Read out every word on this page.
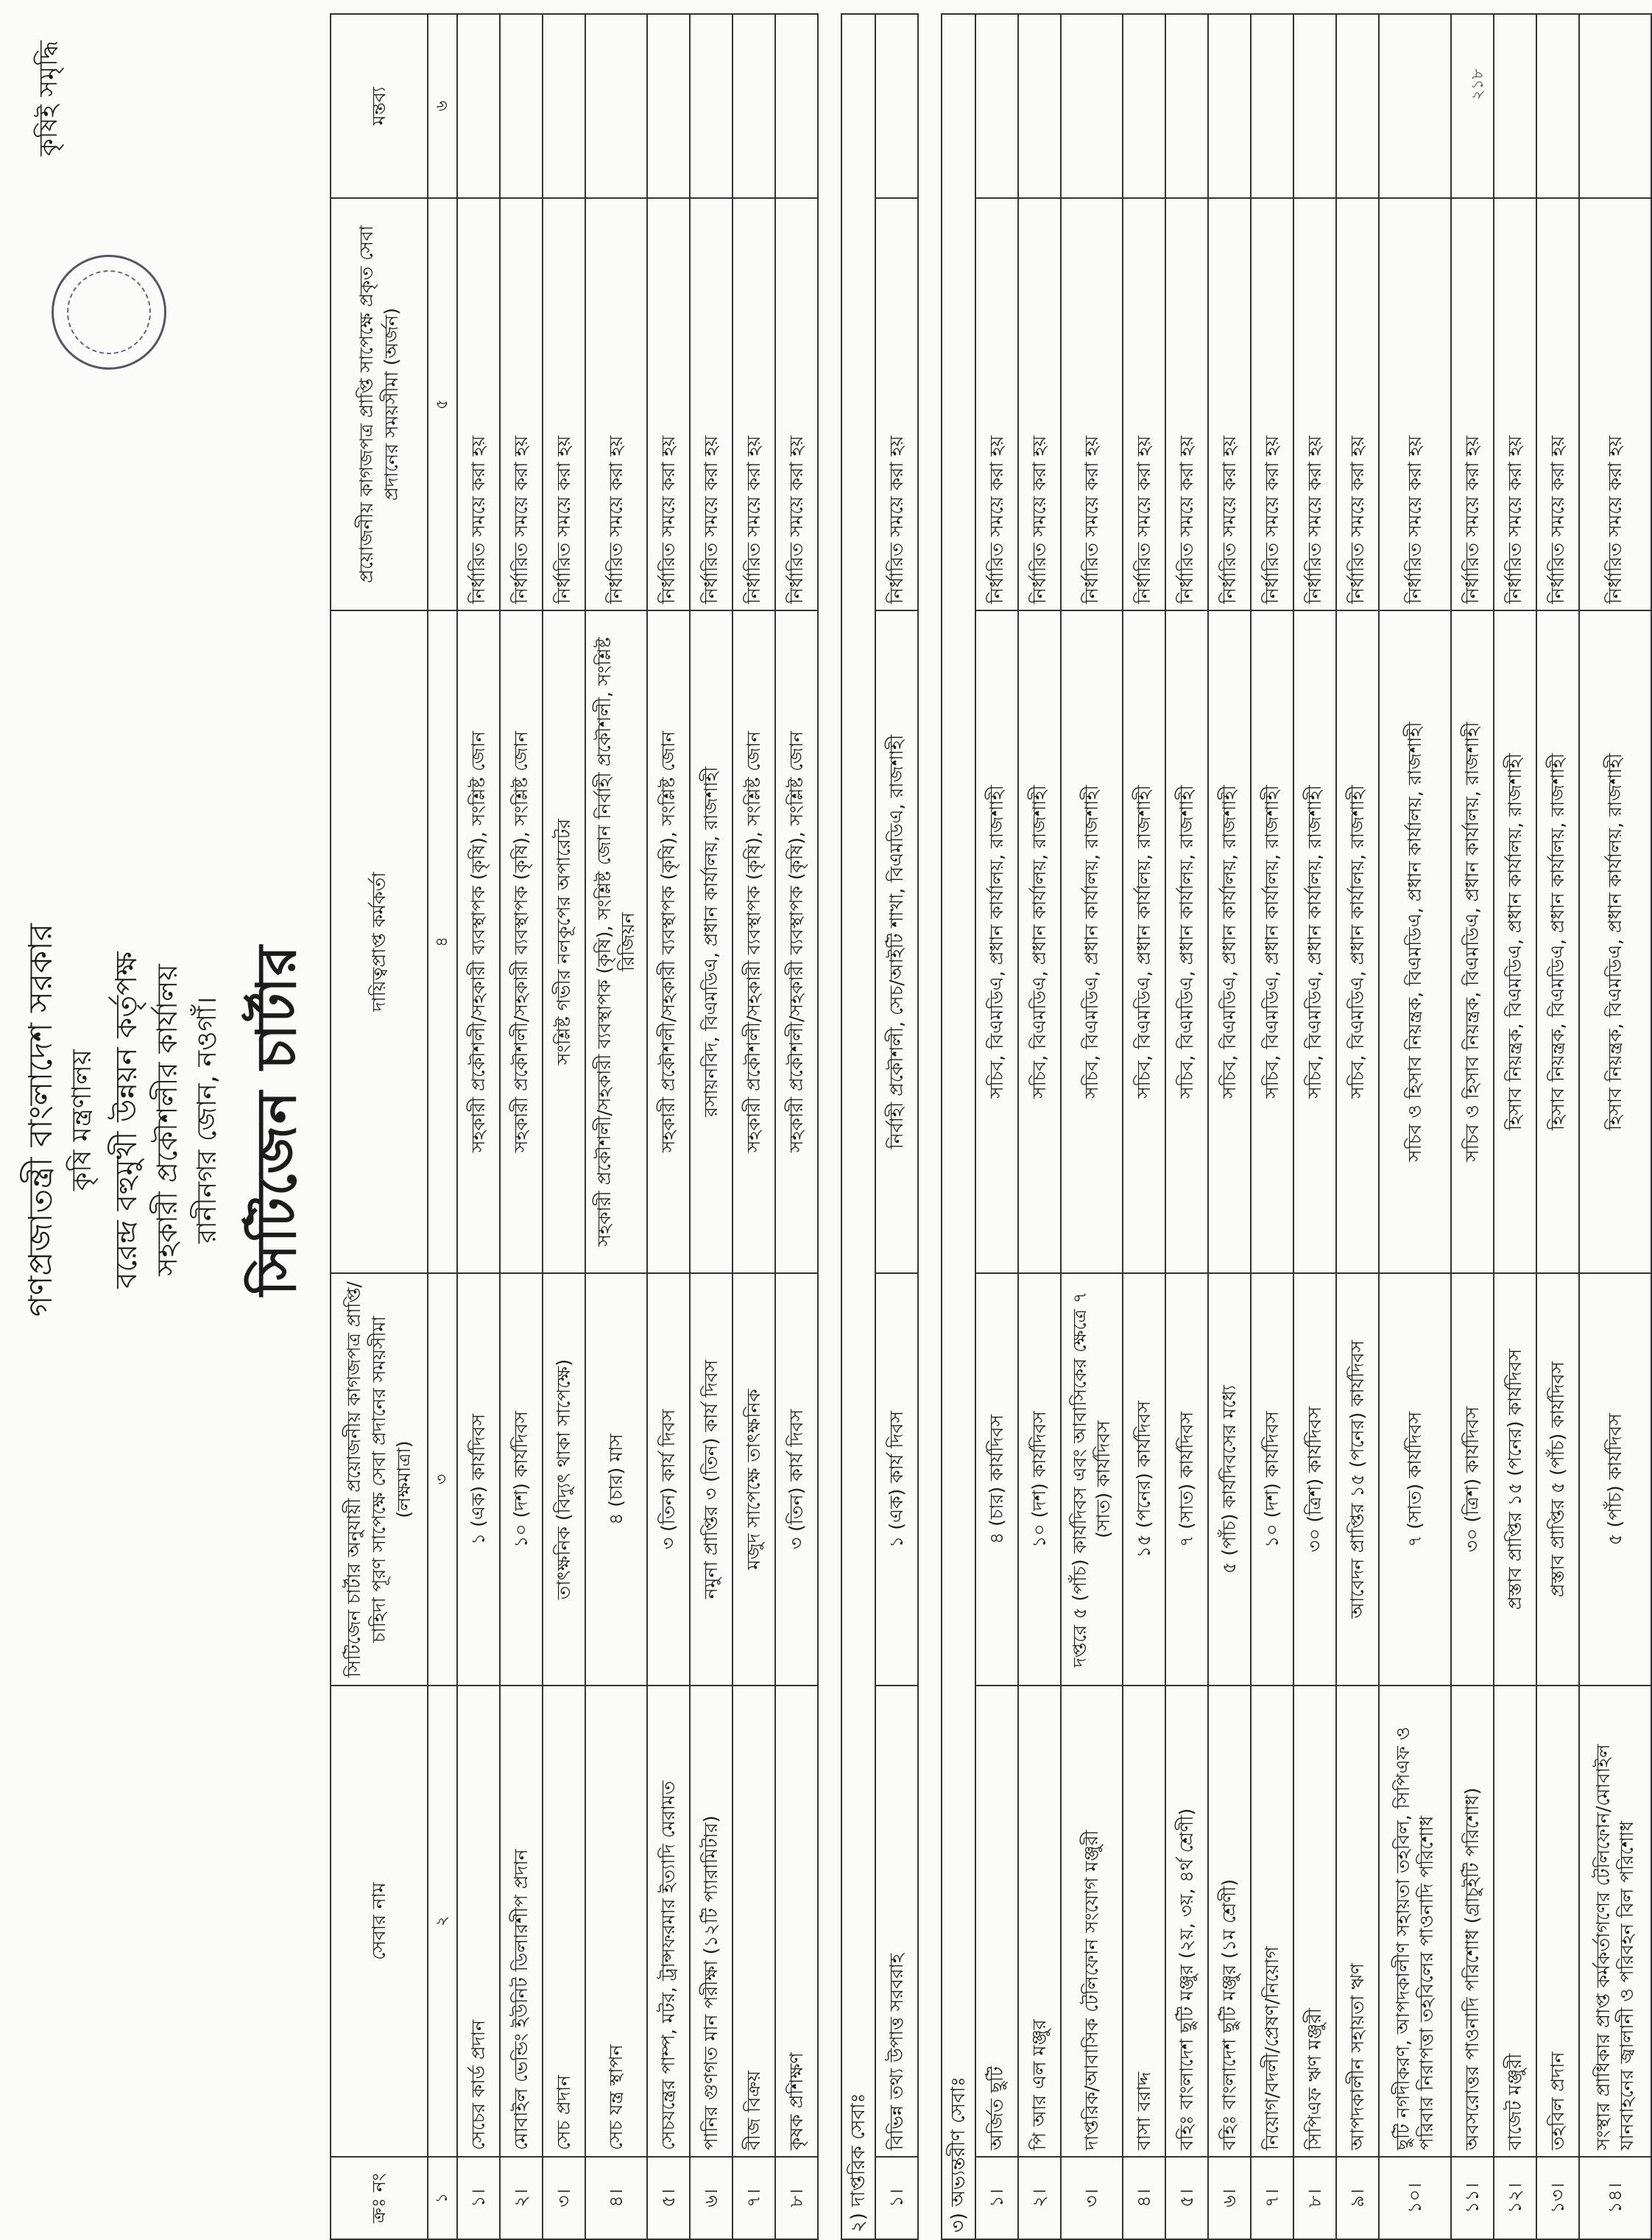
কৃষিই সমৃদ্ধি
গণপ্রজাতন্ত্রী বাংলাদেশ সরকার কৃষি মন্ত্রণালয় বরেন্দ্র বহুমুখী উন্নয়ন কর্তৃপক্ষ সহকারী প্রকৌশলীর কার্যালয় রানীনগর জোন, নওগাঁ। সিটিজেন চার্টার
ক্রঃ নং	সেবার নাম	সিটিজেন চার্টার অনুযায়ী প্রয়োজনীয় কাগজপত্র প্রাপ্তি/ চাহিদা পূরণ সাপেক্ষে সেবা প্রদানের সময়সীমা (লক্ষমাত্রা)	দায়িত্বপ্রাপ্ত কর্মকর্তা	প্রয়োজনীয় কাগজপত্র প্রাপ্তি সাপেক্ষে প্রকৃত সেবা প্রদানের সময়সীমা (অর্জন)	মন্তব্য
১	২	৩	৪	৫	৬
১।	সেচের কার্ড প্রদান	১ (এক) কার্যদিবস	সহকারী প্রকৌশলী/সহকারী ব্যবস্থাপক (কৃষি), সংশ্লিষ্ট জোন	নির্ধারিত সময়ে করা হয়	
২।	মোবাইল ভেন্ডিং ইউনিট ডিলারশীপ প্রদান	১০ (দশ) কার্যদিবস	সহকারী প্রকৌশলী/সহকারী ব্যবস্থাপক (কৃষি), সংশ্লিষ্ট জোন	নির্ধারিত সময়ে করা হয়	
৩।	সেচ প্রদান	তাৎক্ষনিক (বিদ্যুৎ থাকা সাপেক্ষে)	সংশ্লিষ্ট গভীর নলকূপের অপারেটর	নির্ধারিত সময়ে করা হয়	
৪।	সেচ যন্ত্র স্থাপন	৪ (চার) মাস	সহকারী প্রকৌশলী/সহকারী ব্যবস্থাপক (কৃষি), সংশ্লিষ্ট জোন নির্বাহী প্রকৌশলী, সংশ্লিষ্ট রিজিয়ন	নির্ধারিত সময়ে করা হয়	
৫।	সেচযন্ত্রের পাম্প, মটর, ট্রান্সফরমার ইত্যাদি মেরামত	৩ (তিন) কার্য দিবস	সহকারী প্রকৌশলী/সহকারী ব্যবস্থাপক (কৃষি), সংশ্লিষ্ট জোন	নির্ধারিত সময়ে করা হয়	
৬।	পানির গুণগত মান পরীক্ষা (১২টি প্যারামিটার)	নমুনা প্রাপ্তির ৩ (তিন) কার্য দিবস	রসায়নবিদ, বিএমডিএ, প্রধান কার্যালয়, রাজশাহী	নির্ধারিত সময়ে করা হয়	
৭।	বীজ বিক্রয়	মজুদ সাপেক্ষে তাৎক্ষনিক	সহকারী প্রকৌশলী/সহকারী ব্যবস্থাপক (কৃষি), সংশ্লিষ্ট জোন	নির্ধারিত সময়ে করা হয়	
৮।	কৃষক প্রশিক্ষণ	৩ (তিন) কার্য দিবস	সহকারী প্রকৌশলী/সহকারী ব্যবস্থাপক (কৃষি), সংশ্লিষ্ট জোন	নির্ধারিত সময়ে করা হয়	

২) দাপ্তরিক সেবাঃ					
১।	বিভিন্ন তথ্য উপাত্ত সরবরাহ	১ (এক) কার্য দিবস	নির্বাহী প্রকৌশলী, সেচ/আইটি শাখা, বিএমডিএ, রাজশাহী	নির্ধারিত সময়ে করা হয়	

৩) অভ্যন্তরীণ সেবাঃ					
১।	অর্জিত ছুটি	৪ (চার) কার্যদিবস	সচিব, বিএমডিএ, প্রধান কার্যালয়, রাজশাহী	নির্ধারিত সময়ে করা হয়	
২।	পি আর এল মঞ্জুর	১০ (দশ) কার্যদিবস	সচিব, বিএমডিএ, প্রধান কার্যালয়, রাজশাহী	নির্ধারিত সময়ে করা হয়	
৩।	দাপ্তরিক/আবাসিক টেলিফোন সংযোগ মঞ্জুরী	দপ্তরে ৫ (পাঁচ) কার্যদিবস এবং আবাসিকের ক্ষেত্রে ৭ (সাত) কার্যদিবস	সচিব, বিএমডিএ, প্রধান কার্যালয়, রাজশাহী	নির্ধারিত সময়ে করা হয়	
৪।	বাসা বরাদ্দ	১৫ (পনের) কার্যদিবস	সচিব, বিএমডিএ, প্রধান কার্যালয়, রাজশাহী	নির্ধারিত সময়ে করা হয়	
৫।	বহিঃ বাংলাদেশ ছুটি মঞ্জুর (২য়, ৩য়, ৪র্থ শ্রেণী)	৭ (সাত) কার্যদিবস	সচিব, বিএমডিএ, প্রধান কার্যালয়, রাজশাহী	নির্ধারিত সময়ে করা হয়	
৬।	বহিঃ বাংলাদেশ ছুটি মঞ্জুর (১ম শ্রেণী)	৫ (পাঁচ) কার্যদিবসের মধ্যে	সচিব, বিএমডিএ, প্রধান কার্যালয়, রাজশাহী	নির্ধারিত সময়ে করা হয়	
৭।	নিয়োগ/বদলী/প্রেষণ/নিয়োগ	১০ (দশ) কার্যদিবস	সচিব, বিএমডিএ, প্রধান কার্যালয়, রাজশাহী	নির্ধারিত সময়ে করা হয়	
৮।	সিপিএফ ঋণ মঞ্জুরী	৩০ (ত্রিশ) কার্যদিবস	সচিব, বিএমডিএ, প্রধান কার্যালয়, রাজশাহী	নির্ধারিত সময়ে করা হয়	
৯।	আপদকালীন সহায়তা ঋণ	আবেদন প্রাপ্তির ১৫ (পনের) কার্যদিবস	সচিব, বিএমডিএ, প্রধান কার্যালয়, রাজশাহী	নির্ধারিত সময়ে করা হয়	
১০।	ছুটি নগদীকরণ, আপদকালীণ সহায়তা তহবিল, সিপিএফ ও পরিবার নিরাপত্তা তহবিলের পাওনাদি পরিশোধ	৭ (সাত) কার্যদিবস	সচিব ও হিসাব নিয়ন্ত্রক, বিএমডিএ, প্রধান কার্যালয়, রাজশাহী	নির্ধারিত সময়ে করা হয়	
১১।	অবসরোত্তর পাওনাদি পরিশোধ (গ্রাচুইটি পরিশোধ)	৩০ (ত্রিশ) কার্যদিবস	সচিব ও হিসাব নিয়ন্ত্রক, বিএমডিএ, প্রধান কার্যালয়, রাজশাহী	নির্ধারিত সময়ে করা হয়	
১২।	বাজেট মঞ্জুরী	প্রস্তাব প্রাপ্তির ১৫ (পনের) কার্যদিবস	হিসাব নিয়ন্ত্রক, বিএমডিএ, প্রধান কার্যালয়, রাজশাহী	নির্ধারিত সময়ে করা হয়	
১৩।	তহবিল প্রদান	প্রস্তাব প্রাপ্তির ৫ (পাঁচ) কার্যদিবস	হিসাব নিয়ন্ত্রক, বিএমডিএ, প্রধান কার্যালয়, রাজশাহী	নির্ধারিত সময়ে করা হয়	
১৪।	সংস্থার প্রাধিকার প্রাপ্ত কর্মকর্তাগণের টেলিফোন/মোবাইল যানবাহনের জ্বালানী ও পরিবহন বিল পরিশোধ	৫ (পাঁচ) কার্যদিবস	হিসাব নিয়ন্ত্রক, বিএমডিএ, প্রধান কার্যালয়, রাজশাহী	নির্ধারিত সময়ে করা হয়	
২১৮
